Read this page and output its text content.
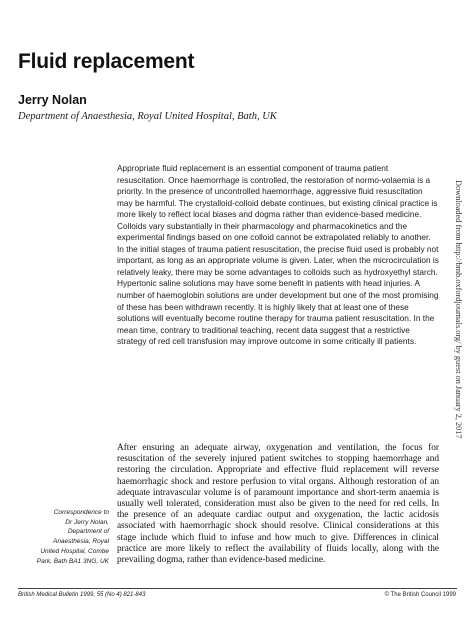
Fluid replacement
Jerry Nolan
Department of Anaesthesia, Royal United Hospital, Bath, UK

Appropriate fluid replacement is an essential component of trauma patient resuscitation. Once haemorrhage is controlled, the restoration of normo-volaemia is a priority. In the presence of uncontrolled haemorrhage, aggressive fluid resuscitation may be harmful. The crystalloid-colloid debate continues, but existing clinical practice is more likely to reflect local biases and dogma rather than evidence-based medicine. Colloids vary substantially in their pharmacology and pharmacokinetics and the experimental findings based on one colloid cannot be extrapolated reliably to another. In the initial stages of trauma patient resuscitation, the precise fluid used is probably not important, as long as an appropriate volume is given. Later, when the microcirculation is relatively leaky, there may be some advantages to colloids such as hydroxyethyl starch. Hypertonic saline solutions may have some benefit in patients with head injuries. A number of haemoglobin solutions are under development but one of the most promising of these has been withdrawn recently. It is highly likely that at least one of these solutions will eventually become routine therapy for trauma patient resuscitation. In the mean time, contrary to traditional teaching, recent data suggest that a restrictive strategy of red cell transfusion may improve outcome in some critically ill patients.

After ensuring an adequate airway, oxygenation and ventilation, the focus for resuscitation of the severely injured patient switches to stopping haemorrhage and restoring the circulation. Appropriate and effective fluid replacement will reverse haemorrhagic shock and restore perfusion to vital organs. Although restoration of an adequate intravascular volume is of paramount importance and short-term anaemia is usually well tolerated, consideration must also be given to the need for red cells. In the presence of an adequate cardiac output and oxygenation, the lactic acidosis associated with haemorrhagic shock should resolve. Clinical considerations at this stage include which fluid to infuse and how much to give. Differences in clinical practice are more likely to reflect the availability of fluids locally, along with the prevailing dogma, rather than evidence-based medicine.

Correspondence to
Dr Jerry Nolan,
Department of
Anaesthesia, Royal
United Hospital, Combe
Park, Bath BA1 3NG, UK
British Medical Bulletin 1999, 55 (No 4) 821-843	© The British Council 1999
Downloaded from http://bmb.oxfordjournals.org/ by guest on January 2, 2017
